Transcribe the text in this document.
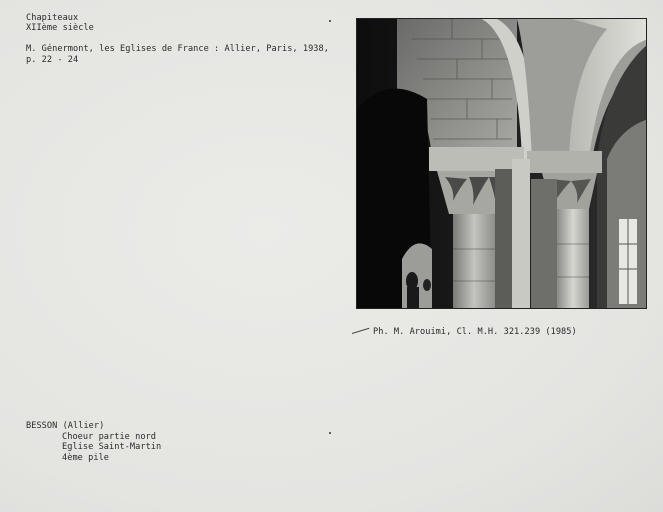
Chapiteaux
XIIème siècle
M. Génermont, les Eglises de France : Allier, Paris, 1938,
p. 22 - 24
Ph. M. Arouimi, Cl. M.H. 321.239 (1985)
BESSON (Allier)
Choeur partie nord
Eglise Saint-Martin
4ème pile
